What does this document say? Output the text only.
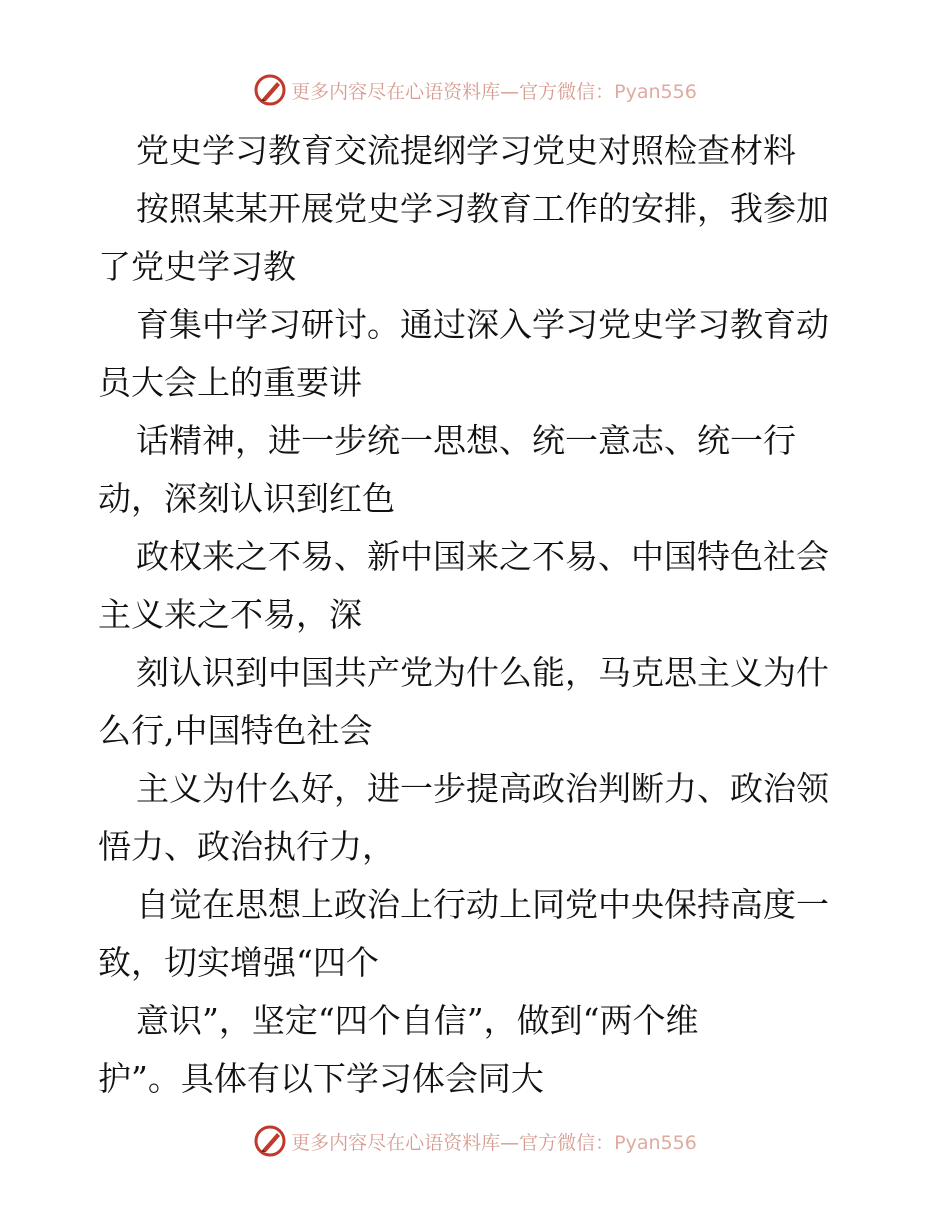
更多内容尽在心语资料库—官方微信：Pyan556
党史学习教育交流提纲学习党史对照检查材料
按照某某开展党史学习教育工作的安排，我参加
了党史学习教
育集中学习研讨。通过深入学习党史学习教育动
员大会上的重要讲
话精神，进一步统一思想、统一意志、统一行
动，深刻认识到红色
政权来之不易、新中国来之不易、中国特色社会
主义来之不易，深
刻认识到中国共产党为什么能，马克思主义为什
么行,中国特色社会
主义为什么好，进一步提高政治判断力、政治领
悟力、政治执行力，
自觉在思想上政治上行动上同党中央保持高度一
致，切实增强“四个
意识”，坚定“四个自信”，做到“两个维
护”。具体有以下学习体会同大
更多内容尽在心语资料库—官方微信：Pyan556
